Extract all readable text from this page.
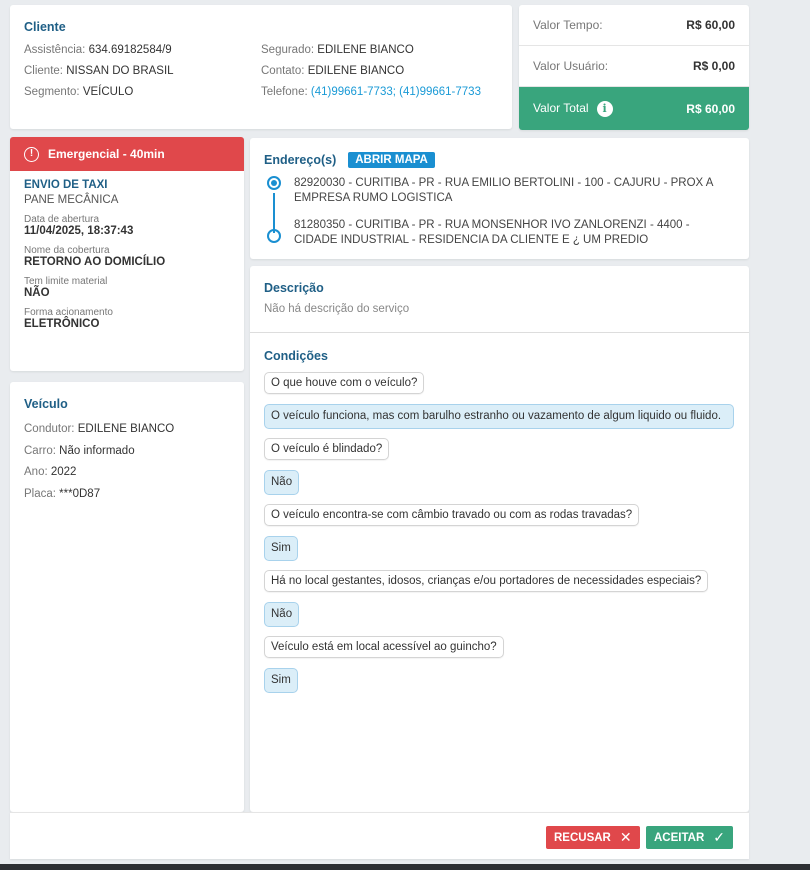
Cliente
Assistência: 634.69182584/9
Cliente: NISSAN DO BRASIL
Segmento: VEÍCULO
Segurado: EDILENE BIANCO
Contato: EDILENE BIANCO
Telefone: (41)99661-7733; (41)99661-7733
Valor Tempo:	R$ 60,00
Valor Usuário:	R$ 0,00
Valor Total i	R$ 60,00
!	Emergencial - 40min
ENVIO DE TAXI
PANE MECÂNICA
Data de abertura
11/04/2025, 18:37:43
Nome da cobertura
RETORNO AO DOMICÍLIO
Tem limite material
NÃO
Forma acionamento
ELETRÔNICO
Veículo
Condutor: EDILENE BIANCO
Carro: Não informado
Ano: 2022
Placa: ***0D87
Endereço(s)	ABRIR MAPA
82920030 - CURITIBA - PR - RUA EMILIO BERTOLINI - 100 - CAJURU - PROX A EMPRESA RUMO LOGISTICA
81280350 - CURITIBA - PR - RUA MONSENHOR IVO ZANLORENZI - 4400 - CIDADE INDUSTRIAL - RESIDENCIA DA CLIENTE E ¿ UM PREDIO
Descrição
Não há descrição do serviço
Condições
O que houve com o veículo?
O veículo funciona, mas com barulho estranho ou vazamento de algum liquido ou fluido.
O veículo é blindado?
Não
O veículo encontra-se com câmbio travado ou com as rodas travadas?
Sim
Há no local gestantes, idosos, crianças e/ou portadores de necessidades especiais?
Não
Veículo está em local acessível ao guincho?
Sim
RECUSAR ✕ ACEITAR ✓
